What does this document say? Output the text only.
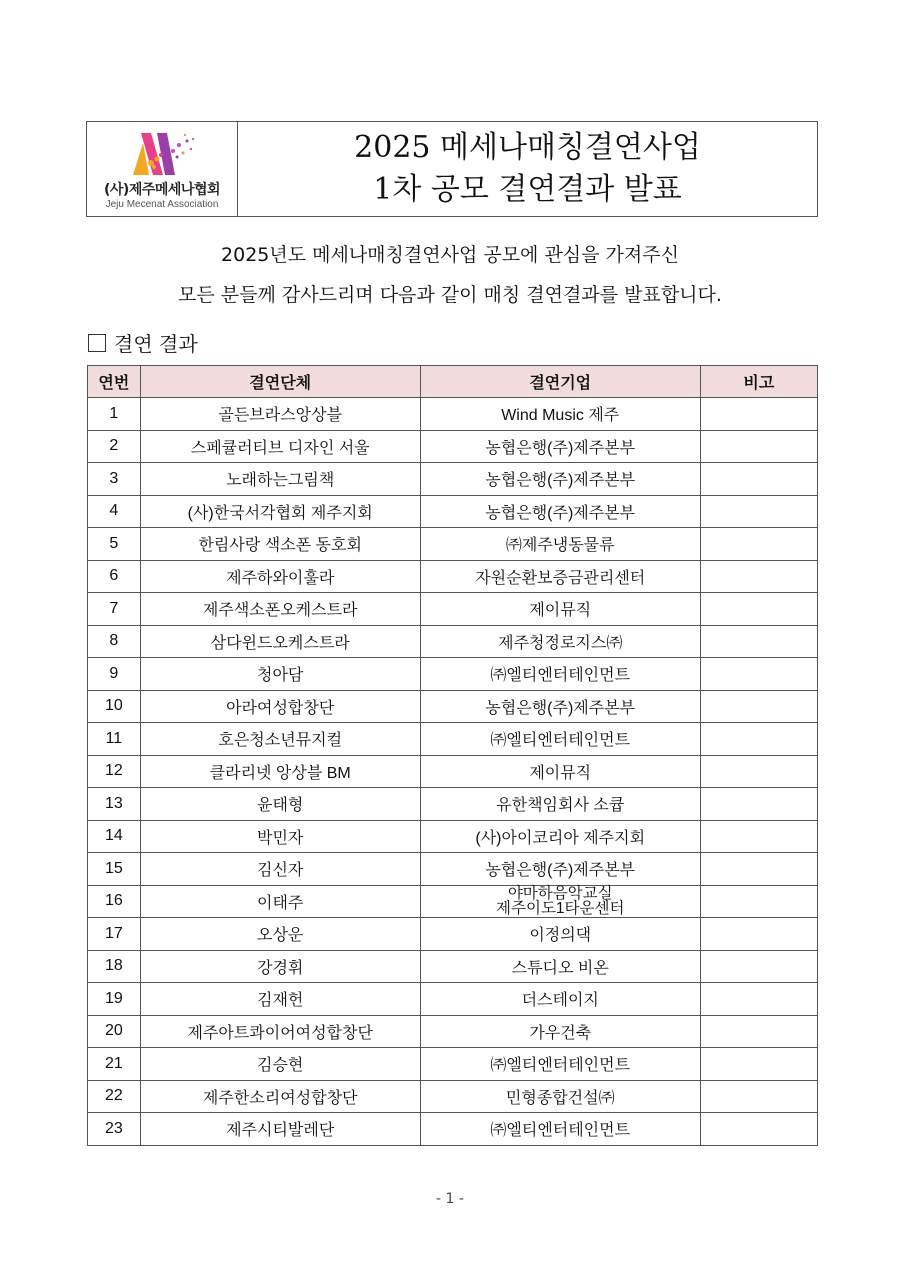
(사)제주메세나협회
Jeju Mecenat Association
2025 메세나매칭결연사업
1차 공모 결연결과 발표
2025년도 메세나매칭결연사업 공모에 관심을 가져주신
모든 분들께 감사드리며 다음과 같이 매칭 결연결과를 발표합니다.
결연 결과
연번	결연단체	결연기업	비고
1	골든브라스앙상블	Wind Music 제주	
2	스페큘러티브 디자인 서울	농협은행(주)제주본부	
3	노래하는그림책	농협은행(주)제주본부	
4	(사)한국서각협회 제주지회	농협은행(주)제주본부	
5	한림사랑 색소폰 동호회	㈜제주냉동물류	
6	제주하와이훌라	자원순환보증금관리센터	
7	제주색소폰오케스트라	제이뮤직	
8	삼다윈드오케스트라	제주청정로지스㈜	
9	청아담	㈜엘티엔터테인먼트	
10	아라여성합창단	농협은행(주)제주본부	
11	호은청소년뮤지컬	㈜엘티엔터테인먼트	
12	클라리넷 앙상블 BM	제이뮤직	
13	윤태형	유한책임회사 소큡	
14	박민자	(사)아이코리아 제주지회	
15	김신자	농협은행(주)제주본부	
16	이태주	야마하음악교실
제주이도1타운센터	

17	오상운	이정의댁	
18	강경휘	스튜디오 비온	
19	김재헌	더스테이지	
20	제주아트콰이어여성합창단	가우건축	
21	김승현	㈜엘티엔터테인먼트	
22	제주한소리여성합창단	민형종합건설㈜	
23	제주시티발레단	㈜엘티엔터테인먼트	
- 1 -
